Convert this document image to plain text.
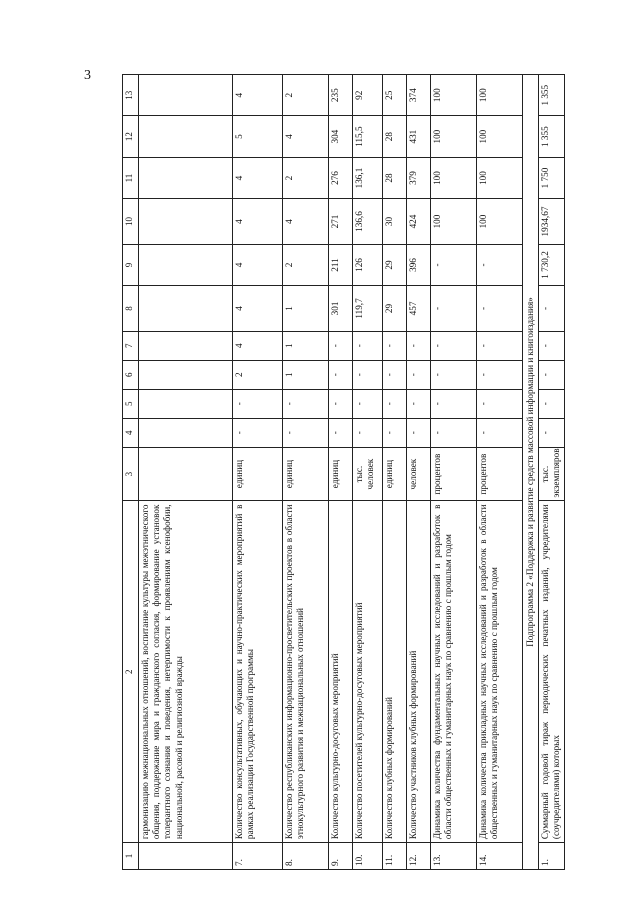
3
1	2	3	4	5	6	7	8	9	10	11	12	13
	гармонизацию межнациональных отношений, воспитание культуры межэтнического общения, поддержание мира и гражданского согласия, формирование установок толерантного сознания и поведения, нетерпимости к проявлениям ксенофобии, национальной, расовой и религиозной вражды											
7.	Количество консультативных, обучающих и научно-практических мероприятий в рамках реализации Государственной программы	единиц	-	-	2	4	4	4	4	4	5	4
8.	Количество республиканских информационно-просветительских проектов в области этнокультурного развития и межнациональных отношений	единиц	-	-	1	1	1	2	4	2	4	2
9.	Количество культурно-досуговых мероприятий	единиц	-	-	-	-	301	211	271	276	304	235
10.	Количество посетителей культурно-досуговых мероприятий	тыс. человек	-	-	-	-	119,7	126	136,6	136,1	115,5	92
11.	Количество клубных формирований	единиц	-	-	-	-	29	29	30	28	28	25
12.	Количество участников клубных формирований	человек	-	-	-	-	457	396	424	379	431	374
13.	Динамика количества фундаментальных научных исследований и разработок в области общественных и гуманитарных наук по сравнению с прошлым годом	процентов	-	-	-	-	-	-	100	100	100	100
14.	Динамика количества прикладных научных исследований и разработок в области общественных и гуманитарных наук по сравнению с прошлым годом	процентов	-	-	-	-	-	-	100	100	100	100
Подпрограмма 2 «Поддержка и развитие средств массовой информации и книгоиздания»												
1.	Суммарный годовой тираж периодических печатных изданий, учредителями (соучредителями) которых	тыс. экземпляров	-	-	-	-	-	1 730,2	1934,67	1 750	1 355	1 355
